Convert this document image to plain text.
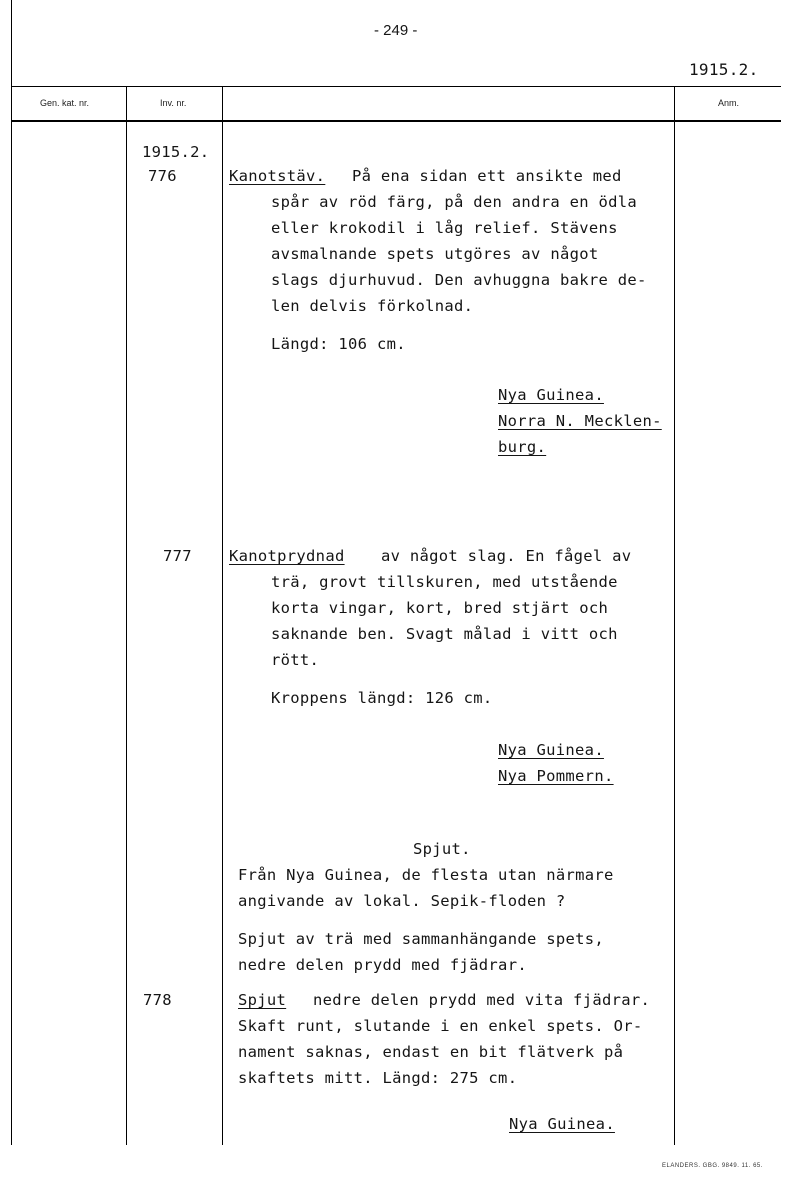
- 249 -
1915.2.
Gen. kat. nr.	Inv. nr.	Anm.
1915.2.
776	Kanotstäv. På ena sidan ett ansikte med
spår av röd färg, på den andra en ödla
eller krokodil i låg relief. Stävens
avsmalnande spets utgöres av något
slags djurhuvud. Den avhuggna bakre de-
len delvis förkolnad.
Längd: 106 cm.
Nya Guinea.
Norra N. Mecklen-
burg.
777 Kanotprydnad av något slag. En fågel av
trä, grovt tillskuren, med utstående
korta vingar, kort, bred stjärt och
saknande ben. Svagt målad i vitt och
rött.
Kroppens längd: 126 cm.
Nya Guinea.
Nya Pommern.
Spjut.
Från Nya Guinea, de flesta utan närmare
angivande av lokal. Sepik-floden ?
Spjut av trä med sammanhängande spets,
nedre delen prydd med fjädrar.
778	Spjut nedre delen prydd med vita fjädrar.
Skaft runt, slutande i en enkel spets. Or-
nament saknas, endast en bit flätverk på
skaftets mitt. Längd: 275 cm.
Nya Guinea.
ELANDERS. GBG. 9849. 11. 65.
